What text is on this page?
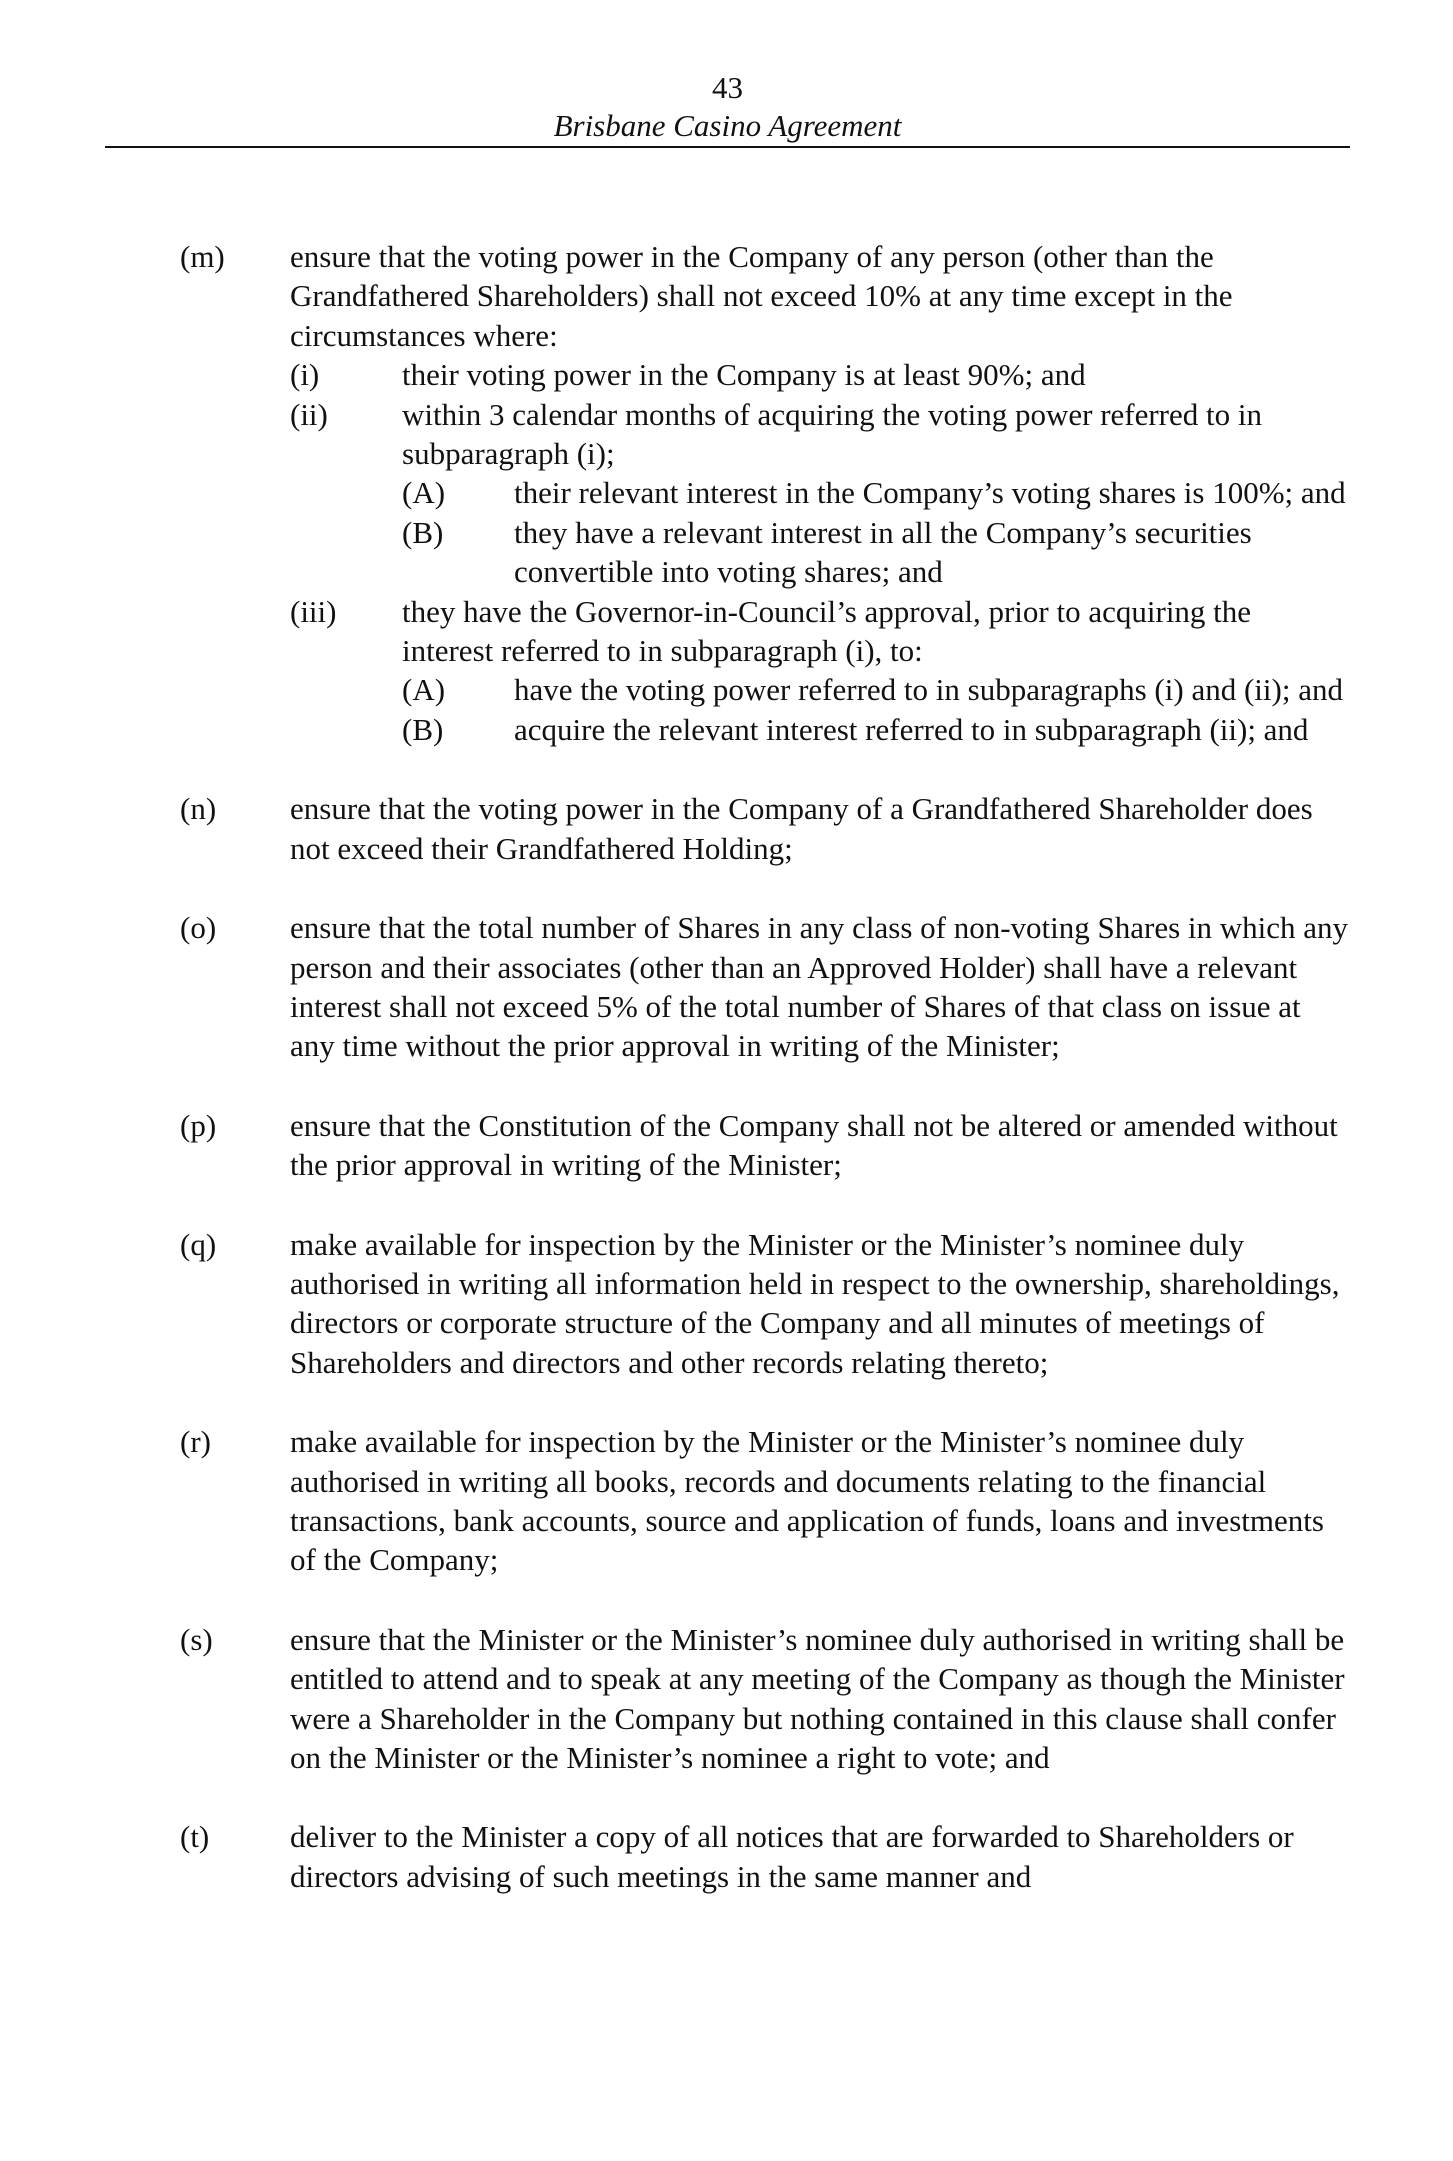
43
Brisbane Casino Agreement
(m) ensure that the voting power in the Company of any person (other than the Grandfathered Shareholders) shall not exceed 10% at any time except in the circumstances where:
(i)	their voting power in the Company is at least 90%; and
(ii) within 3 calendar months of acquiring the voting power referred to in subparagraph (i);
(A) their relevant interest in the Company’s voting shares is 100%; and
(B) they have a relevant interest in all the Company’s securities convertible into voting shares; and
(iii) they have the Governor-in-Council’s approval, prior to acquiring the interest referred to in subparagraph (i), to:
(A) have the voting power referred to in subparagraphs (i) and (ii); and
(B) acquire the relevant interest referred to in subparagraph (ii); and
(n) ensure that the voting power in the Company of a Grandfathered Shareholder does not exceed their Grandfathered Holding;
(o) ensure that the total number of Shares in any class of non-voting Shares in which any person and their associates (other than an Approved Holder) shall have a relevant interest shall not exceed 5% of the total number of Shares of that class on issue at any time without the prior approval in writing of the Minister;
(p) ensure that the Constitution of the Company shall not be altered or amended without the prior approval in writing of the Minister;
(q) make available for inspection by the Minister or the Minister’s nominee duly authorised in writing all information held in respect to the ownership, shareholdings, directors or corporate structure of the Company and all minutes of meetings of Shareholders and directors and other records relating thereto;
(r)	make available for inspection by the Minister or the Minister’s nominee duly authorised in writing all books, records and documents relating to the financial transactions, bank accounts, source and application of funds, loans and investments of the Company;
(s) ensure that the Minister or the Minister’s nominee duly authorised in writing shall be entitled to attend and to speak at any meeting of the Company as though the Minister were a Shareholder in the Company but nothing contained in this clause shall confer on the Minister or the Minister’s nominee a right to vote; and
(t)	deliver to the Minister a copy of all notices that are forwarded to Shareholders or directors advising of such meetings in the same manner and
